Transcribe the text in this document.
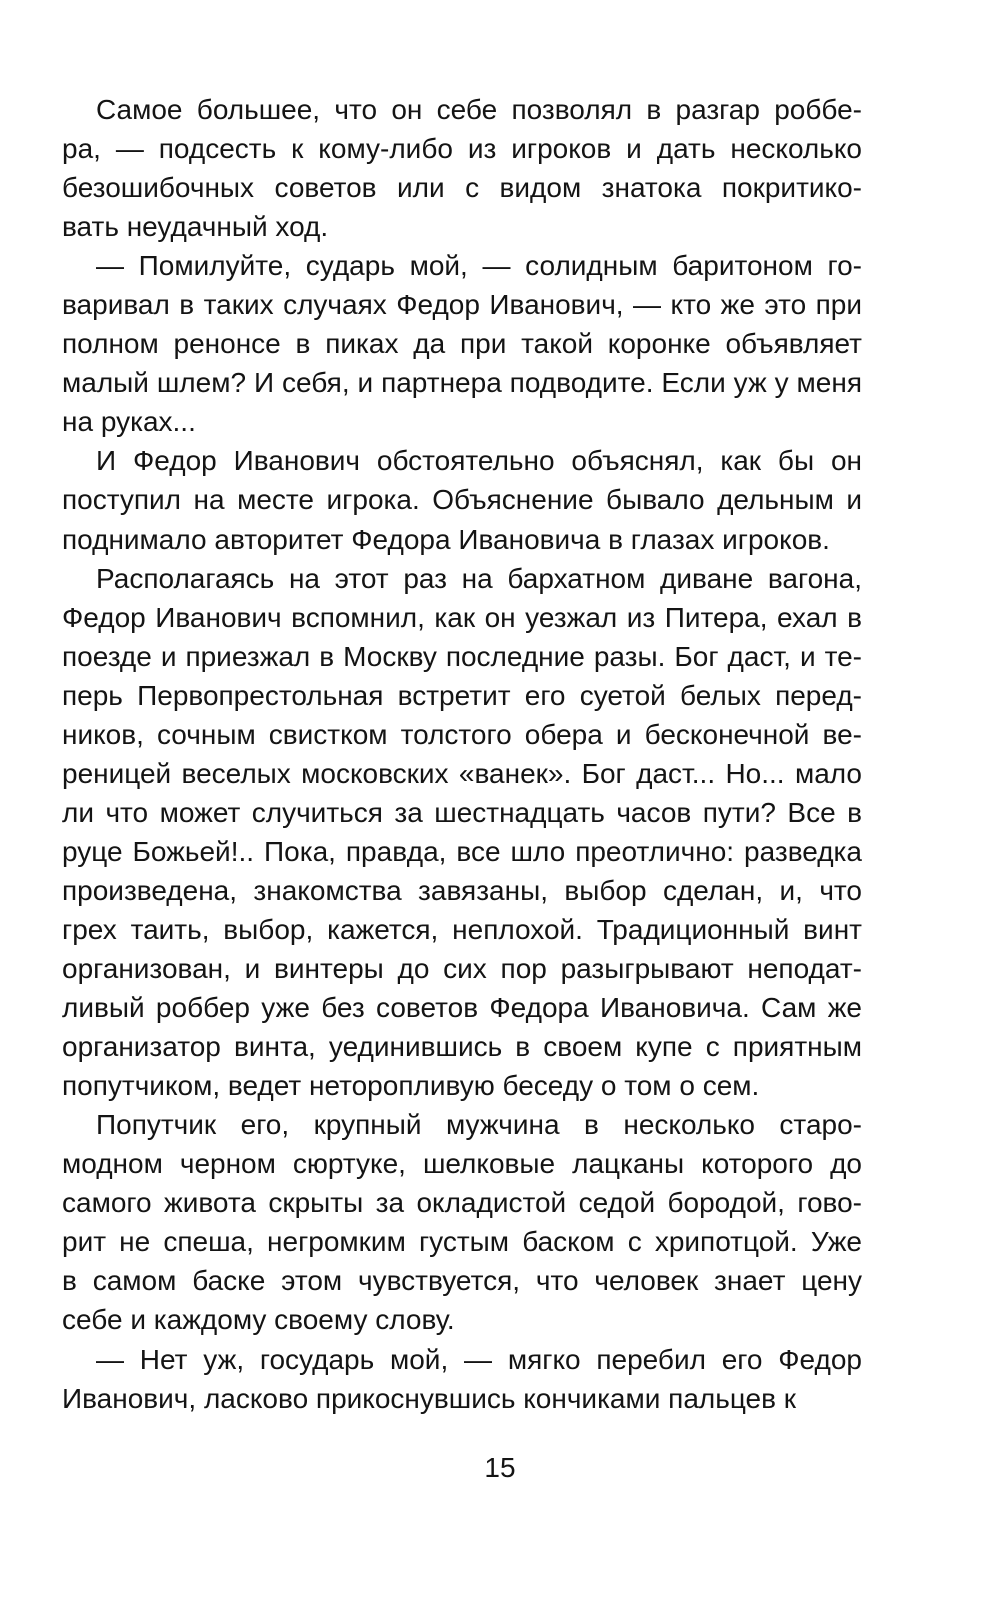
Самое большее, что он себе позволял в разгар роббе-
ра, — подсесть к кому-либо из игроков и дать несколько
безошибочных советов или с видом знатока покритико-
вать неудачный ход.
— Помилуйте, сударь мой, — солидным баритоном го-
варивал в таких случаях Федор Иванович, — кто же это при
полном ренонсе в пиках да при такой коронке объявляет
малый шлем? И себя, и партнера подводите. Если уж у меня
на руках...
И Федор Иванович обстоятельно объяснял, как бы он
поступил на месте игрока. Объяснение бывало дельным и
поднимало авторитет Федора Ивановича в глазах игроков.
Располагаясь на этот раз на бархатном диване вагона,
Федор Иванович вспомнил, как он уезжал из Питера, ехал в
поезде и приезжал в Москву последние разы. Бог даст, и те-
перь Первопрестольная встретит его суетой белых перед-
ников, сочным свистком толстого обера и бесконечной ве-
реницей веселых московских «ванек». Бог даст... Но... мало
ли что может случиться за шестнадцать часов пути? Все в
руце Божьей!.. Пока, правда, все шло преотлично: разведка
произведена, знакомства завязаны, выбор сделан, и, что
грех таить, выбор, кажется, неплохой. Традиционный винт
организован, и винтеры до сих пор разыгрывают неподат-
ливый роббер уже без советов Федора Ивановича. Сам же
организатор винта, уединившись в своем купе с приятным
попутчиком, ведет неторопливую беседу о том о сем.
Попутчик его, крупный мужчина в несколько старо-
модном черном сюртуке, шелковые лацканы которого до
самого живота скрыты за окладистой седой бородой, гово-
рит не спеша, негромким густым баском с хрипотцой. Уже
в самом баске этом чувствуется, что человек знает цену
себе и каждому своему слову.
— Нет уж, государь мой, — мягко перебил его Федор
Иванович, ласково прикоснувшись кончиками пальцев к
15
